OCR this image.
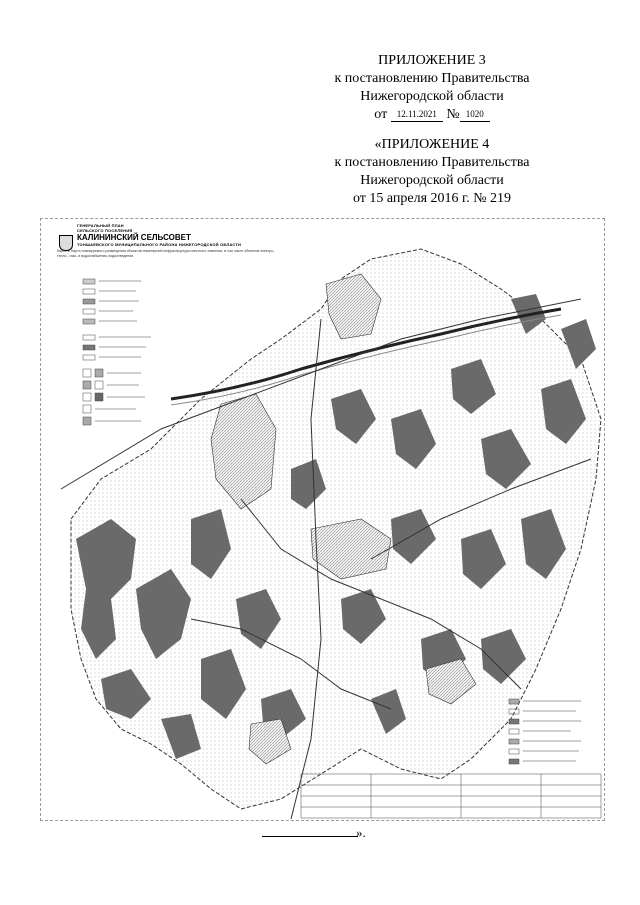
ПРИЛОЖЕНИЕ 3
к постановлению Правительства
Нижегородской области
от 12.11.2021 № 1020
«ПРИЛОЖЕНИЕ 4
к постановлению Правительства
Нижегородской области
от 15 апреля 2016 г. № 219
ГЕНЕРАЛЬНЫЙ ПЛАН
СЕЛЬСКОГО ПОСЕЛЕНИЯ
КАЛИНИНСКИЙ СЕЛЬСОВЕТ
ТОНШАЕВСКОГО МУНИЦИПАЛЬНОГО РАЙОНА НИЖЕГОРОДСКОЙ ОБЛАСТИ
Карта 3. Карта планируемого размещения объектов инженерной инфраструктуры местного значения, в том числе объектов электро-, тепло-, газо- и водоснабжения, водоотведения
».
